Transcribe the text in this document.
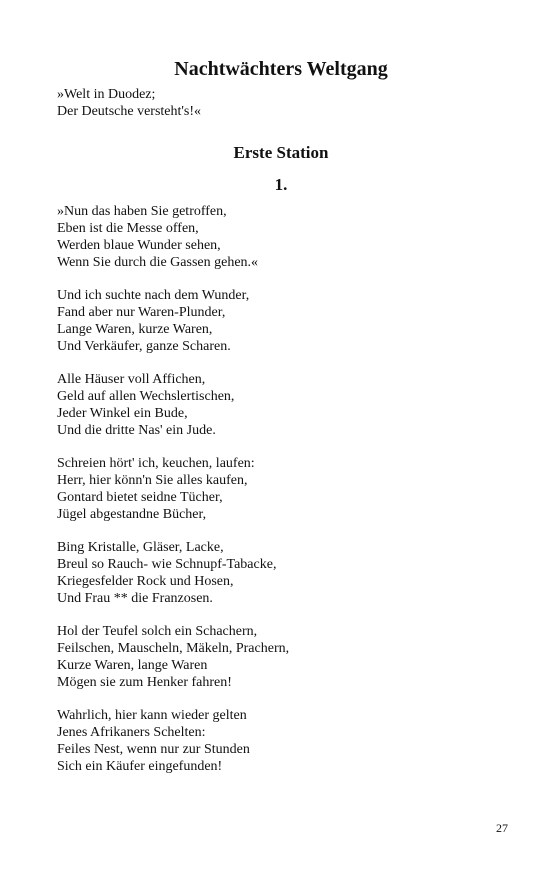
Nachtwächters Weltgang
»Welt in Duodez;
Der Deutsche versteht's!«
Erste Station
1.
»Nun das haben Sie getroffen,
Eben ist die Messe offen,
Werden blaue Wunder sehen,
Wenn Sie durch die Gassen gehen.«
Und ich suchte nach dem Wunder,
Fand aber nur Waren-Plunder,
Lange Waren, kurze Waren,
Und Verkäufer, ganze Scharen.
Alle Häuser voll Affichen,
Geld auf allen Wechslertischen,
Jeder Winkel ein Bude,
Und die dritte Nas' ein Jude.
Schreien hört' ich, keuchen, laufen:
Herr, hier könn'n Sie alles kaufen,
Gontard bietet seidne Tücher,
Jügel abgestandne Bücher,
Bing Kristalle, Gläser, Lacke,
Breul so Rauch- wie Schnupf-Tabacke,
Kriegesfelder Rock und Hosen,
Und Frau ** die Franzosen.
Hol der Teufel solch ein Schachern,
Feilschen, Mauscheln, Mäkeln, Prachern,
Kurze Waren, lange Waren
Mögen sie zum Henker fahren!
Wahrlich, hier kann wieder gelten
Jenes Afrikaners Schelten:
Feiles Nest, wenn nur zur Stunden
Sich ein Käufer eingefunden!
27
